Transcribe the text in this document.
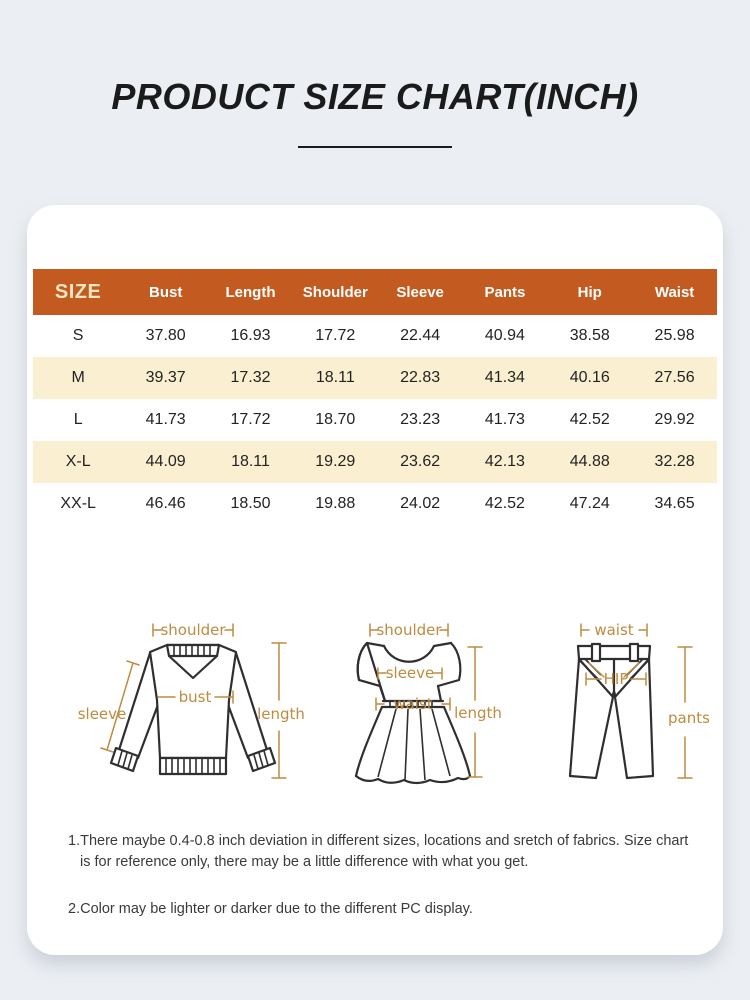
PRODUCT SIZE CHART(INCH)
SIZE	Bust	Length	Shoulder	Sleeve	Pants	Hip	Waist
S	37.80	16.93	17.72	22.44	40.94	38.58	25.98
M	39.37	17.32	18.11	22.83	41.34	40.16	27.56
L	41.73	17.72	18.70	23.23	41.73	42.52	29.92
X-L	44.09	18.11	19.29	23.62	42.13	44.88	32.28
XX-L	46.46	18.50	19.88	24.02	42.52	47.24	34.65
shoulder
bust
sleeve	length
shoulder
sleeve
waist length
waist
HIP
pants

1.There maybe 0.4-0.8 inch deviation in different sizes, locations and sretch of fabrics. Size chart is for reference only, there may be a little difference with what you get.

2.Color may be lighter or darker due to the different PC display.
